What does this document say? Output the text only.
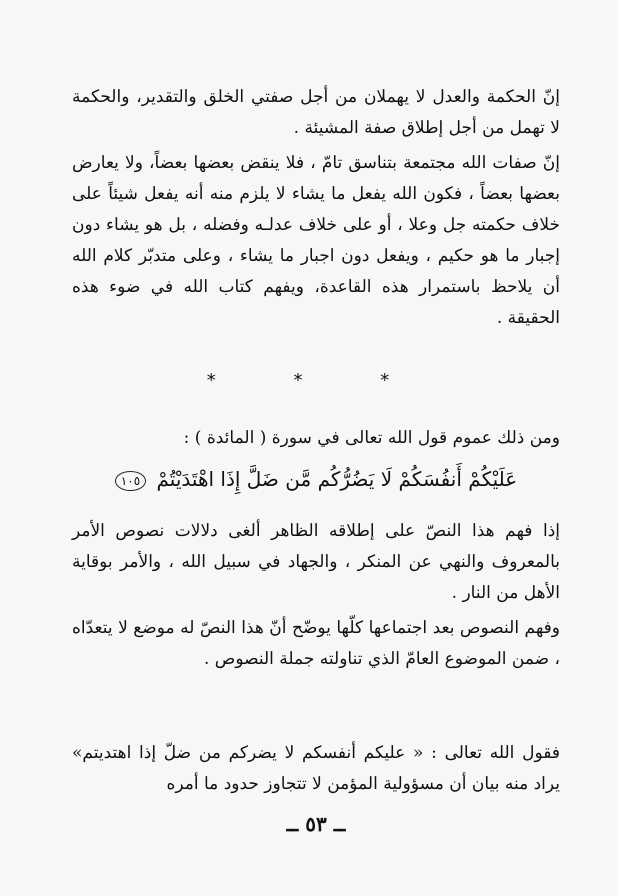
إنّ الحكمة والعدل لا يهملان من أجل صفتي الخلق والتقدير، والحكمة لا تهمل من أجل إطلاق صفة المشيئة .

إنّ صفات الله مجتمعة بتناسق تامّ ، فلا ينقض بعضها بعضاً، ولا يعارض بعضها بعضاً ، فكون الله يفعل ما يشاء لا يلزم منه أنه يفعل شيئاً على خلاف حكمته جل وعلا ، أو على خلاف عدلـه وفضله ، بل هو يشاء دون إجبار ما هو حكيم ، ويفعل دون اجبار ما يشاء ، وعلى متدبّر كلام الله أن يلاحظ باستمرار هذه القاعدة، ويفهم كتاب الله في ضوء هذه الحقيقة .

* * *

ومن ذلك عموم قول الله تعالى في سورة ( المائدة ) :

عَلَيْكُمْ أَنفُسَكُمْ لَا يَضُرُّكُم مَّن ضَلَّ إِذَا اهْتَدَيْتُمْ ١٠٥

إذا فهم هذا النصّ على إطلاقه الظاهر ألغى دلالات نصوص الأمر بالمعروف والنهي عن المنكر ، والجهاد في سبيل الله ، والأمر بوقاية الأهل من النار .

وفهم النصوص بعد اجتماعها كلّها يوضّح أنّ هذا النصّ له موضع لا يتعدّاه ، ضمن الموضوع العامّ الذي تناولته جملة النصوص .

فقول الله تعالى : « عليكم أنفسكم لا يضركم من ضلّ إذا اهتديتم» يراد منه بيان أن مسؤولية المؤمن لا تتجاوز حدود ما أمره

ــ ٥٣ ــ
